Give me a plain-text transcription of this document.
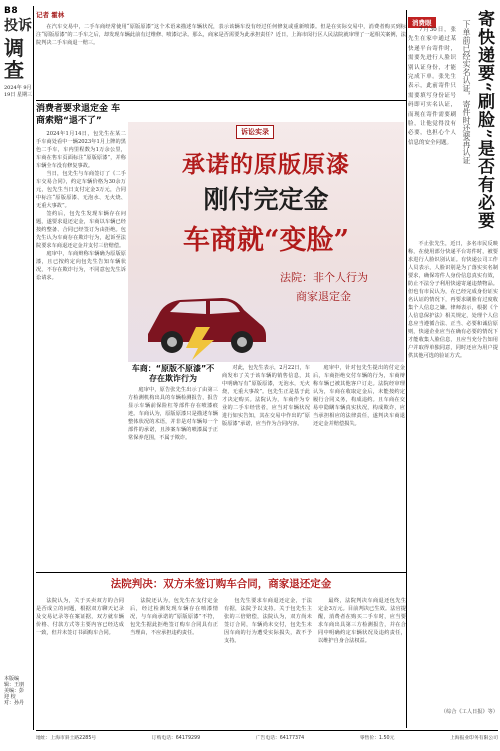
B8
投诉
调查
2024年 9月19日 星期三
本版编辑：王朋 美编：彭迎 校对：孙丹
记者 霍林

在汽车交易中，二手车商经常使用“原版原漆”这个术语来描述车辆状况，表示该辆车没有经过任何修复或重新喷漆。但是在实际交易中，消费者购买到标注“原版原漆”的二手车之后，却发现车辆此前有过维修、喷漆记录。那么，商家是否需要为此承担责任？近日，上海市闵行区人民法院就审理了一起相关案例，法院判决二手车商退一赔三。

消费者要求退定金 车商索赔“退不了”

2024年1月14日，包先生在某二手车商处看中一辆2023年1月上牌的黑色二手车，车内里程数为1万余公里，车商在售车页面标注“原版原漆”，并称车辆全车没有修复事故。

当日，包先生与车商签订了《二手车交易合同》，约定车辆价格为30余万元，包先生当日支付定金3万元，合同中标注“原版原漆、无泡水、无火烧、无重大事故”。

签约后，包先生发现车辆存在问题，遂要求退还定金，车商以车辆已经按约整备、合同已经签订为由拒绝。包先生认为车商存在欺诈行为，起诉至法院要求车商退还定金并支付三倍赔偿。

庭审中，车商辩称车辆确为原版原漆，且已按约定向包先生告知车辆状况，不存在欺诈行为，不同意包先生诉讼请求。

诉讼实录
承诺的原版原漆
刚付完定金
车商就“变脸”
法院：非个人行为
商家退定金
车商：“原版不原漆”不存在欺诈行为

庭审中，原告张先生出示了由第三方检测机构出具的车辆检测报告，报告显示车辆前保险杠等部件存在喷漆痕迹。车商认为，原版原漆只是描述车辆整体状况的术语，并非是对车辆每一个部件的承诺，且涉案车辆的喷漆属于正常保养范围，不属于欺诈。

对此，包先生表示，2月22日，车商发布了关于该车辆的销售信息，其中明确写有“原版原漆，无泡水，无火烧，无重大事故”。包先生正是基于此才决定购买。法院认为，车商作为专业的二手车经营者，应当对车辆状况进行如实告知，其在交易中作出的“原版原漆”承诺，应当作为合同内容。

庭审中，针对包先生提出的付定金后，车商拒绝交付车辆的行为，车商辩称车辆已被其他客户订走。法院经审理认为，车商在收取定金后，未能按约定履行合同义务，构成违约。且车商在交易中隐瞒车辆真实状况，构成欺诈，应当承担相应的法律责任，遂判决车商退还定金并赔偿损失。

消费眼	寄快递要“刷脸”是否有必要
下单前已经实名认证，寄件时还要再认证

7月30日，张先生在家中通过某快递平台寄件时，需要先进行人脸识别认证身份，才能完成下单。张先生表示，此前寄件只需要填写身份证号码即可实名认证，而现在寄件需要刷脸，让他觉得没有必要，也担心个人信息的安全问题。

不止张先生，近日，多名市民反映称，在使用部分快递平台寄件时，被要求进行人脸识别认证。有快递公司工作人员表示，人脸识别是为了落实实名制要求，确保寄件人身份信息真实有效，防止不法分子利用快递寄递违禁物品。但也有市民认为，在已经完成身份证实名认证的情况下，再要求刷脸有过度收集个人信息之嫌。律师表示，根据《个人信息保护法》相关规定，处理个人信息应当遵循合法、正当、必要和诚信原则，快递企业应当在确有必要的情况下才能收集人脸信息，且应当充分告知用户并取得单独同意，同时还应为用户提供其他可选的验证方式。

（综合《工人日报》等）
法院判决：双方未签订购车合同，商家退还定金

法院认为，关于买卖双方的合同是否成立的问题，根据双方聊天记录及交易记录等在案证据，双方就车辆价格、付款方式等主要内容已经达成一致，但并未签订书面购车合同。

法院还认为，包先生在支付定金后，经过检测发现车辆存在喷漆情况，与车商承诺的“原版原漆”不符，包先生据此拒绝签订购车合同具有正当理由，不应承担违约责任。

包先生要求车商退还定金，于法有据，法院予以支持。关于包先生主张的三倍赔偿，法院认为，双方尚未签订合同，车辆尚未交付，包先生未因车商的行为遭受实际损失，故不予支持。

最终，法院判决车商退还包先生定金3万元。目前判决已生效。法官提醒，消费者在购买二手车时，应当要求车商出具第三方检测报告，并在合同中明确约定车辆状况及违约责任，以维护自身合法权益。

地址：上海市斜土路2285号	订购电话：64179299	广告电话：64177374	零售价：1.50元	上海报业印务有限公司
